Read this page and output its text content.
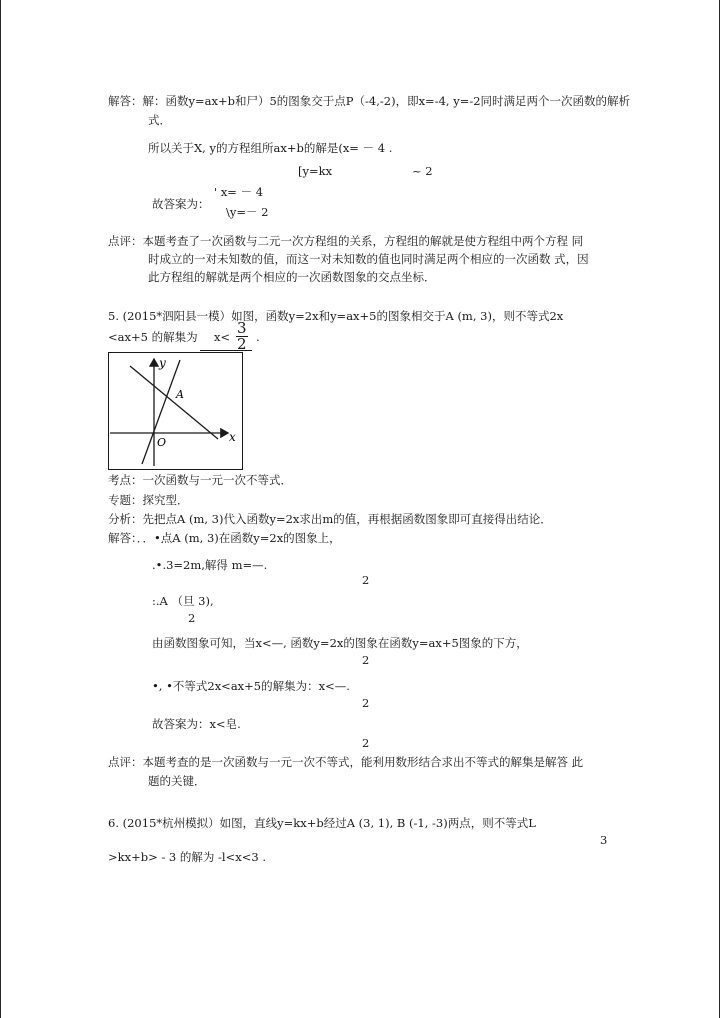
解答：解：函数y=ax+b和尸）5的图象交于点P（-4,-2)，即x=-4, y=-2同时满足两个一次函数的解析
式．
所以关于X, y的方程组所ax+b的解是(x= － 4 .
[y=kx	~ 2
' x= － 4
故答案为：
\y=－ 2
点评：本题考查了一次函数与二元一次方程组的关系，方程组的解就是使方程组中两个方程 同
时成立的一对未知数的值，而这一对未知数的值也同时满足两个相应的一次函数 式，因
此方程组的解就是两个相应的一次函数图象的交点坐标．
5. (2015*泗阳县一模）如图，函数y=2x和y=ax+5的图象相交于A (m, 3)，则不等式2x
<ax+5 的解集为 $x< \frac{3}{2}$ .
y
x
A
O
考点：一次函数与一元一次不等式．
专题：探究型．
分析：先把点A (m, 3)代入函数y=2x求出m的值，再根据函数图象即可直接得出结论．
解答：．．•点A (m, 3)在函数y=2x的图象上，
.•.3=2m,解得 m=—.
2
:.A （旦 3),
2
由函数图象可知，当x<—, 函数y=2x的图象在函数y=ax+5图象的下方，
2
•, •不等式2x<ax+5的解集为：x<—.
2
故答案为：x<皂.
2
点评：本题考查的是一次函数与一元一次不等式，能利用数形结合求出不等式的解集是解答 此
题的关键．
6. (2015*杭州模拟）如图，直线y=kx+b经过A (3, 1), B (-1, -3)两点，则不等式L
3
>kx+b> - 3 的解为 -l<x<3 .
